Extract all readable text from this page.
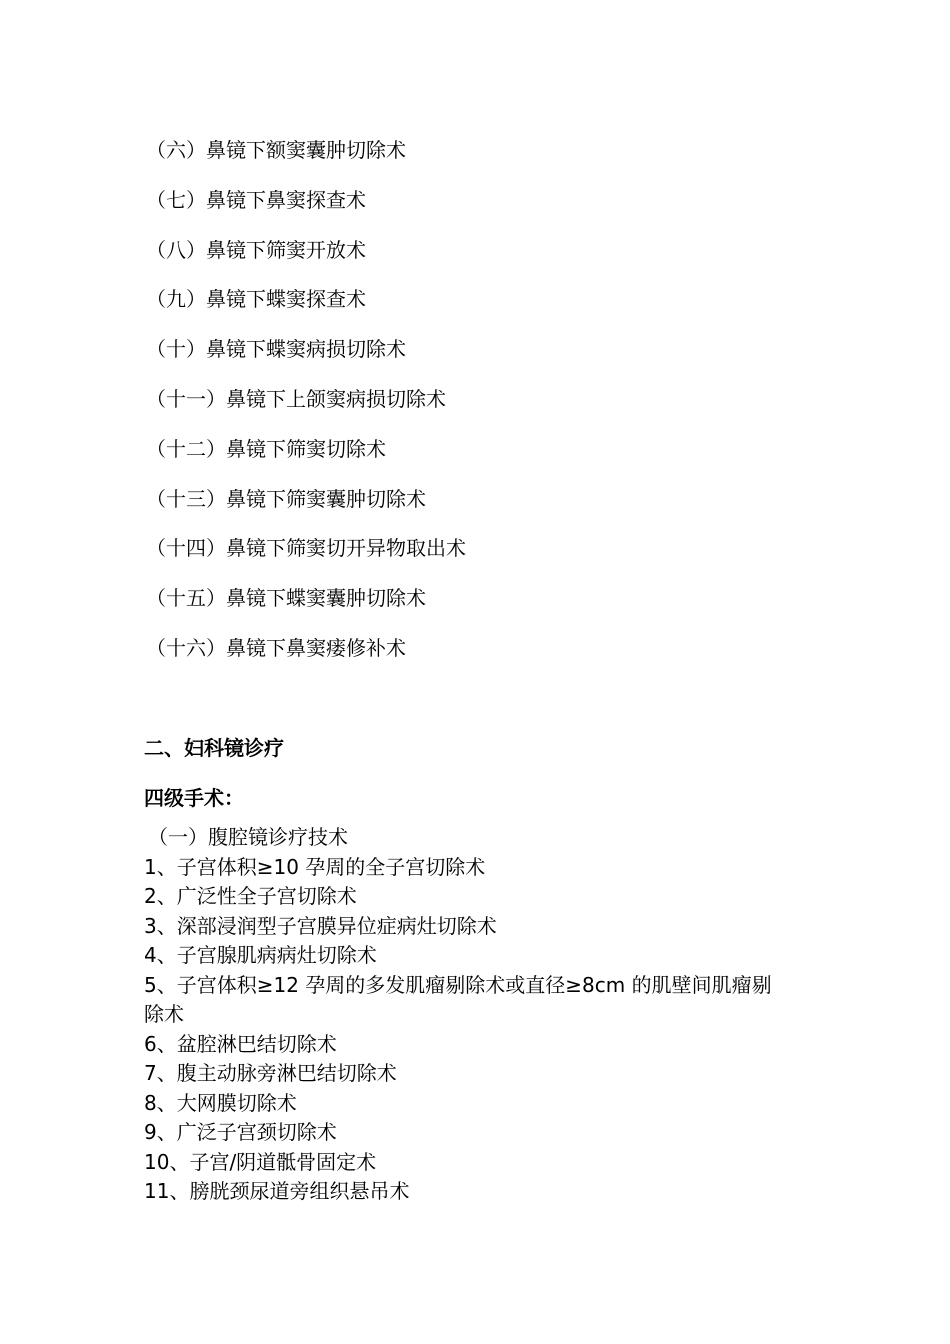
（六）鼻镜下额窦囊肿切除术
（七）鼻镜下鼻窦探查术
（八）鼻镜下筛窦开放术
（九）鼻镜下蝶窦探查术
（十）鼻镜下蝶窦病损切除术
（十一）鼻镜下上颌窦病损切除术
（十二）鼻镜下筛窦切除术
（十三）鼻镜下筛窦囊肿切除术
（十四）鼻镜下筛窦切开异物取出术
（十五）鼻镜下蝶窦囊肿切除术
（十六）鼻镜下鼻窦瘘修补术
二、妇科镜诊疗
四级手术：
（一）腹腔镜诊疗技术
1、子宫体积≥10 孕周的全子宫切除术
2、广泛性全子宫切除术
3、深部浸润型子宫膜异位症病灶切除术
4、子宫腺肌病病灶切除术
5、子宫体积≥12 孕周的多发肌瘤剔除术或直径≥8cm 的肌壁间肌瘤剔除术
6、盆腔淋巴结切除术
7、腹主动脉旁淋巴结切除术
8、大网膜切除术
9、广泛子宫颈切除术
10、子宫/阴道骶骨固定术
11、膀胱颈尿道旁组织悬吊术
